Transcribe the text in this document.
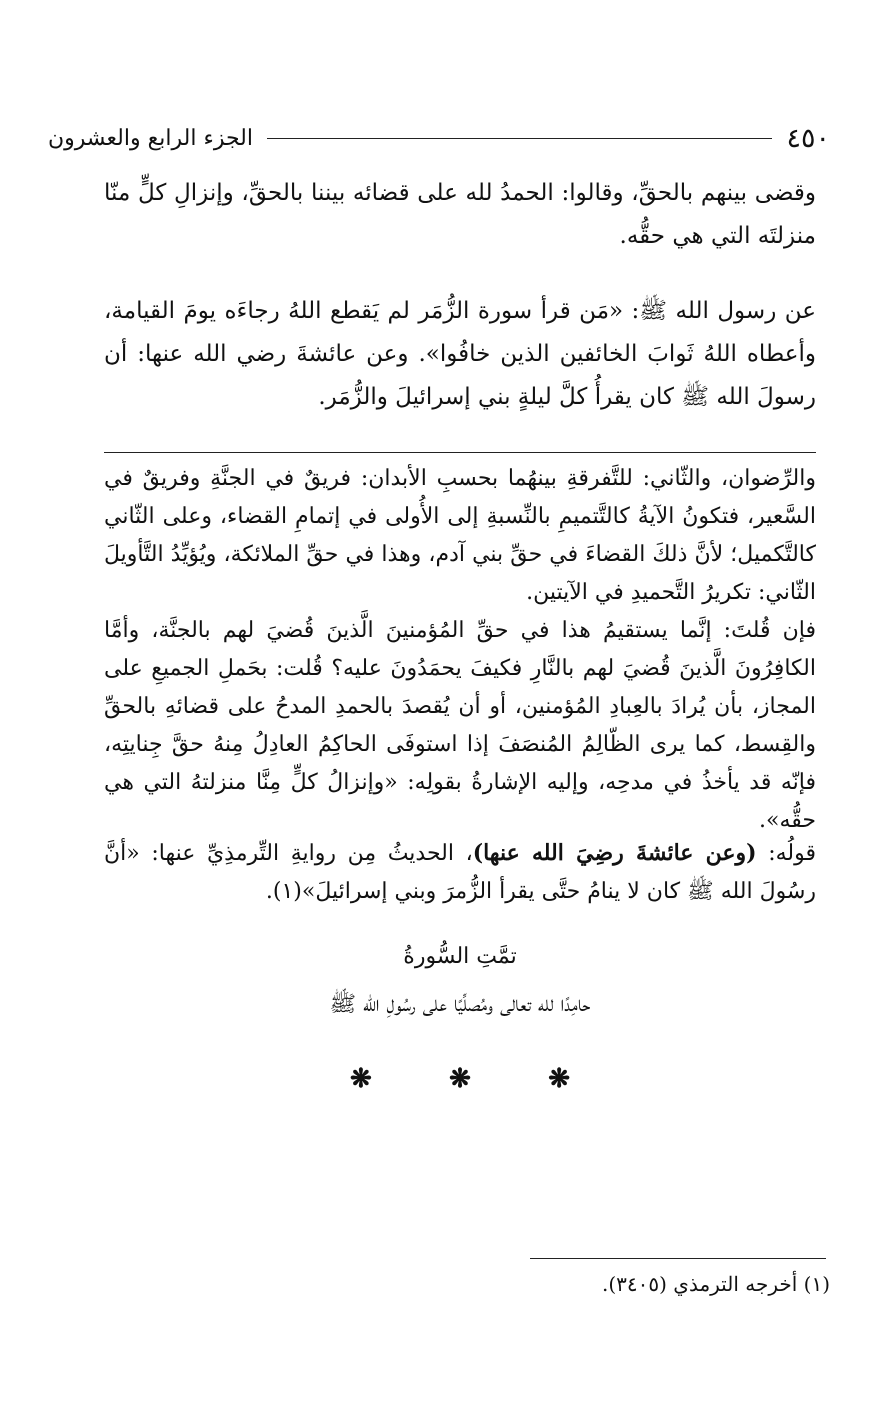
الجزء الرابع والعشرون	٤٥٠

وقضى بينهم بالحقِّ، وقالوا: الحمدُ لله على قضائه بيننا بالحقِّ، وإنزالِ كلٍّ منّا منزلتَه التي هي حقُّه.

عن رسول الله ﷺ: «مَن قرأ سورة الزُّمَر لم يَقطع اللهُ رجاءَه يومَ القيامة، وأعطاه اللهُ ثَوابَ الخائفين الذين خافُوا». وعن عائشةَ رضي الله عنها: أن رسولَ الله ﷺ كان يقرأُ كلَّ ليلةٍ بني إسرائيلَ والزُّمَر.

والرِّضوان، والثّاني: للتَّفرقةِ بينهُما بحسبِ الأبدان: فريقٌ في الجنَّةِ وفريقٌ في السَّعير، فتكونُ الآيةُ كالتَّتميمِ بالنِّسبةِ إلى الأُولى في إتمامِ القضاء، وعلى الثّاني كالتَّكميل؛ لأنَّ ذلكَ القضاءَ في حقِّ بني آدم، وهذا في حقِّ الملائكة، ويُؤيِّدُ التَّأويلَ الثّاني: تكريرُ التَّحميدِ في الآيتين.

فإن قُلتَ: إنَّما يستقيمُ هذا في حقِّ المُؤمنينَ الَّذينَ قُضيَ لهم بالجنَّة، وأمَّا الكافِرُونَ الَّذينَ قُضيَ لهم بالنَّارِ فكيفَ يحمَدُونَ عليه؟ قُلت: بحَملِ الجميعِ على المجاز، بأن يُرادَ بالعِبادِ المُؤمنين، أو أن يُقصدَ بالحمدِ المدحُ على قضائهِ بالحقِّ والقِسط، كما يرى الظّالِمُ المُنصَفَ إذا استوفَى الحاكِمُ العادِلُ مِنهُ حقَّ جِنايتِه، فإنّه قد يأخذُ في مدحِه، وإليه الإشارةُ بقولِه: «وإنزالُ كلٍّ مِنَّا منزلتهُ التي هي حقُّه».

قولُه: (وعن عائشةَ رضِيَ الله عنها)، الحديثُ مِن روايةِ التِّرمذِيِّ عنها: «أنَّ رسُولَ الله ﷺ كان لا ينامُ حتَّى يقرأ الزُّمرَ وبني إسرائيلَ»(١).

تمَّتِ السُّورةُ

حامِدًا لله تعالى ومُصلِّيًا على رسُولِ الله ﷺ

❋	❋	❋

(١) أخرجه الترمذي (٣٤٠٥).
